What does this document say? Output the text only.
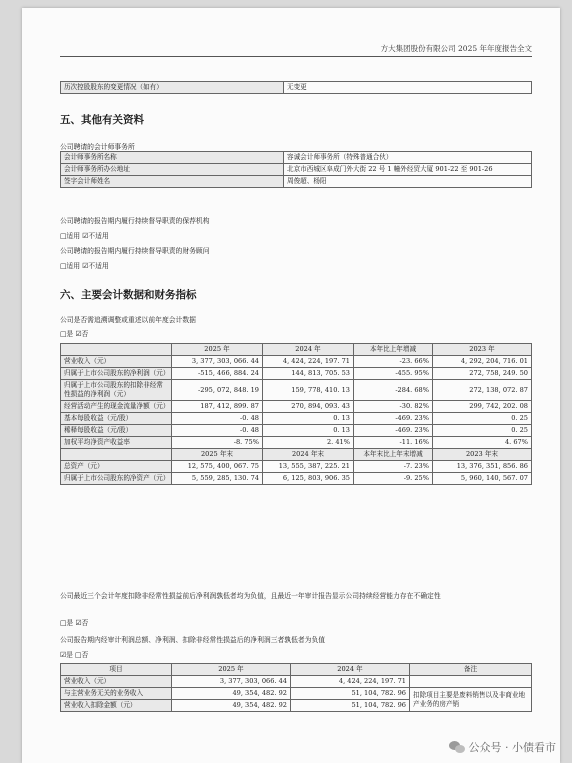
方大集团股份有限公司 2025 年年度报告全文
历次控股股东的变更情况（如有）	无变更
五、其他有关资料
公司聘请的会计师事务所
会计师事务所名称	容诚会计师事务所（特殊普通合伙）
会计师事务所办公地址	北京市西城区阜成门外大街 22 号 1 幢外经贸大厦 901-22 至 901-26
签字会计师姓名	周俊超、杨阳
公司聘请的报告期内履行持续督导职责的保荐机构
□适用 ☑不适用
公司聘请的报告期内履行持续督导职责的财务顾问
□适用 ☑不适用
六、主要会计数据和财务指标
公司是否需追溯调整或重述以前年度会计数据
□是 ☑否
	2025 年	2024 年	本年比上年增减	2023 年
营业收入（元）	3, 377, 303, 066. 44	4, 424, 224, 197. 71	-23. 66%	4, 292, 204, 716. 01
归属于上市公司股东的净利润（元）	-515, 466, 884. 24	144, 813, 705. 53	-455. 95%	272, 758, 249. 50
归属于上市公司股东的扣除非经常性损益的净利润（元）	-295, 072, 848. 19	159, 778, 410. 13	-284. 68%	272, 138, 072. 87
经营活动产生的现金流量净额（元）	187, 412, 899. 87	270, 894, 093. 43	-30. 82%	299, 742, 202. 08
基本每股收益（元/股）	-0. 48	0. 13	-469. 23%	0. 25
稀释每股收益（元/股）	-0. 48	0. 13	-469. 23%	0. 25
加权平均净资产收益率	-8. 75%	2. 41%	-11. 16%	4. 67%
	2025 年末	2024 年末	本年末比上年末增减	2023 年末
总资产（元）	12, 575, 400, 067. 75	13, 555, 387, 225. 21	-7. 23%	13, 376, 351, 856. 86
归属于上市公司股东的净资产（元）	5, 559, 285, 130. 74	6, 125, 803, 906. 35	-9. 25%	5, 960, 140, 567. 07
公司最近三个会计年度扣除非经常性损益前后净利润孰低者均为负值，且最近一年审计报告显示公司持续经营能力存在不确定性
□是 ☑否
公司报告期内经审计利润总额、净利润、扣除非经常性损益后的净利润三者孰低者为负值
☑是 □否
项目	2025 年	2024 年	备注
营业收入（元）	3, 377, 303, 066. 44	4, 424, 224, 197. 71	
与主营业务无关的业务收入	49, 354, 482. 92	51, 104, 782. 96	扣除项目主要是废料销售以及非商业地产业务的房产销
营业收入扣除金额（元）	49, 354, 482. 92	51, 104, 782. 96	
公众号 · 小债看市
